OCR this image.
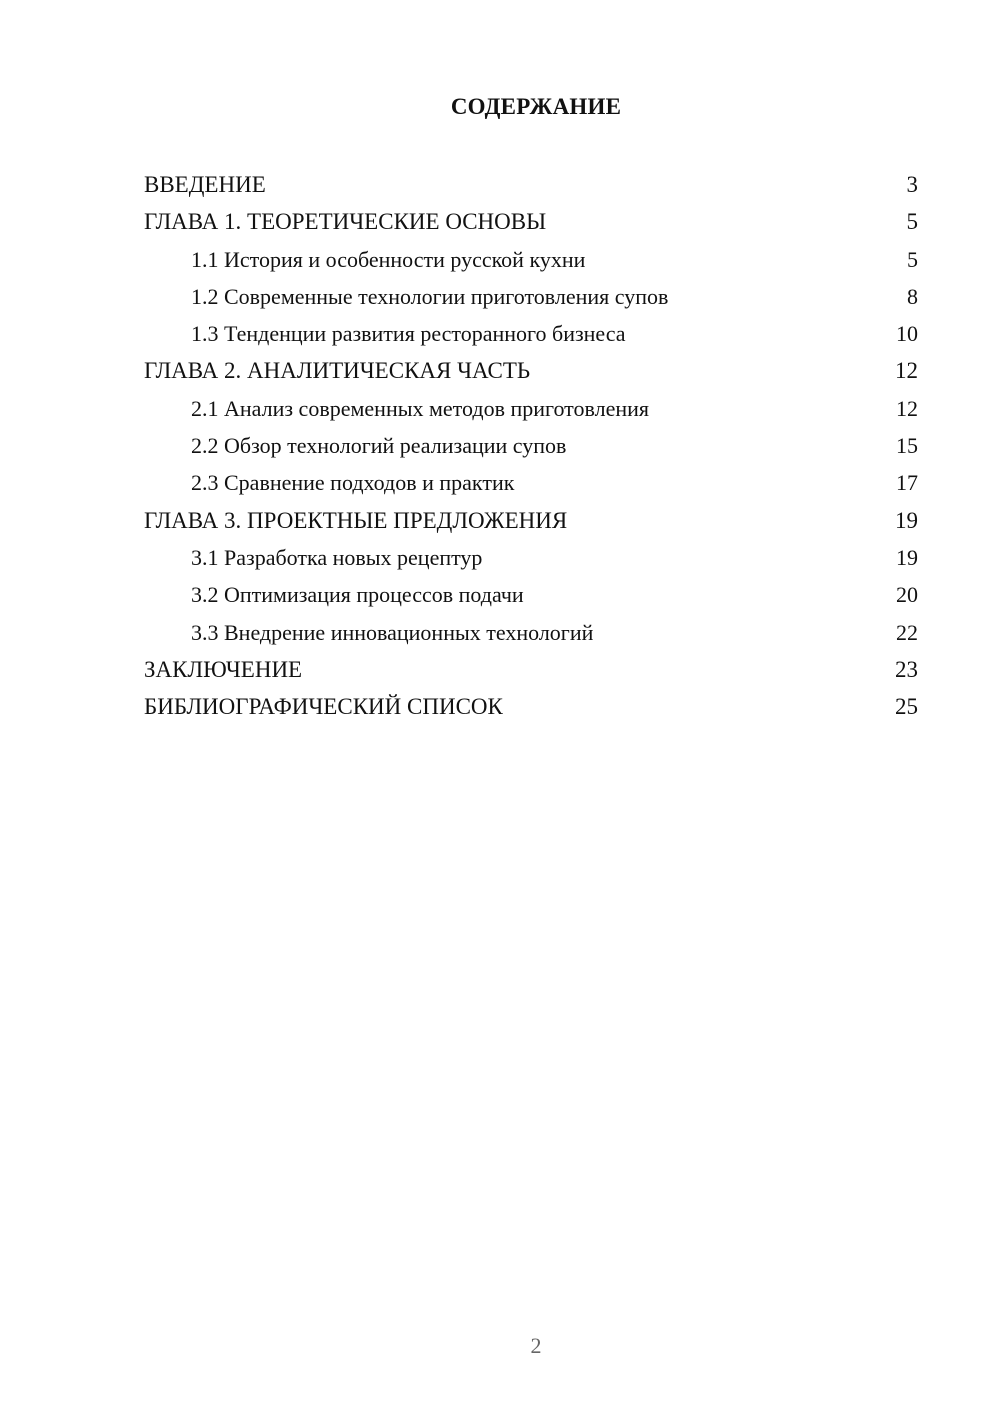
СОДЕРЖАНИЕ
ВВЕДЕНИЕ	3
ГЛАВА 1. ТЕОРЕТИЧЕСКИЕ ОСНОВЫ	5
1.1 История и особенности русской кухни	5
1.2 Современные технологии приготовления супов	8
1.3 Тенденции развития ресторанного бизнеса	10
ГЛАВА 2. АНАЛИТИЧЕСКАЯ ЧАСТЬ	12
2.1 Анализ современных методов приготовления	12
2.2 Обзор технологий реализации супов	15
2.3 Сравнение подходов и практик	17
ГЛАВА 3. ПРОЕКТНЫЕ ПРЕДЛОЖЕНИЯ	19
3.1 Разработка новых рецептур	19
3.2 Оптимизация процессов подачи	20
3.3 Внедрение инновационных технологий	22
ЗАКЛЮЧЕНИЕ	23
БИБЛИОГРАФИЧЕСКИЙ СПИСОК	25
2
